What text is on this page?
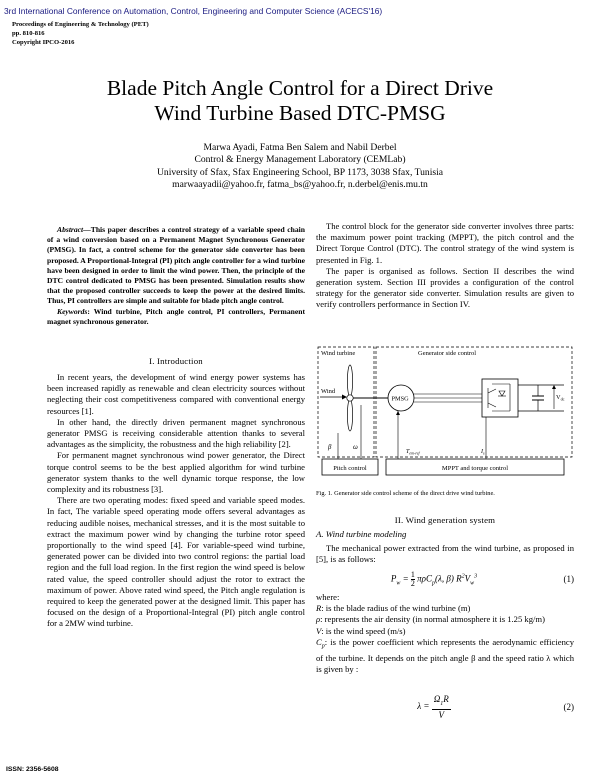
3rd International Conference on Automation, Control, Engineering and Computer Science (ACECS'16)
Proceedings of Engineering & Technology (PET)
pp. 810-816
Copyright IPCO-2016
Blade Pitch Angle Control for a Direct Drive
Wind Turbine Based DTC-PMSG
Marwa Ayadi, Fatma Ben Salem and Nabil Derbel
Control & Energy Management Laboratory (CEMLab)
University of Sfax, Sfax Engineering School, BP 1173, 3038 Sfax, Tunisia
marwaayadii@yahoo.fr, fatma_bs@yahoo.fr, n.derbel@enis.mu.tn

Abstract—This paper describes a control strategy of a variable speed chain of a wind conversion based on a Permanent Magnet Synchronous Generator (PMSG). In fact, a control scheme for the generator side converter has been proposed. A Proportional-Integral (PI) pitch angle controller for a wind turbine have been designed in order to limit the wind power. Then, the principle of the DTC control dedicated to PMSG has been presented. Simulation results show that the proposed controller succeeds to keep the power at the desired limits. Thus, PI controllers are simple and suitable for blade pitch angle control.

Keywords: Wind turbine, Pitch angle control, PI controllers, Permanent magnet synchronous generator.

I. Introduction

In recent years, the development of wind energy power systems has been increased rapidly as renewable and clean electricity sources without neglecting their cost competitiveness compared with conventional energy resources [1].

In other hand, the directly driven permanent magnet synchronous generator PMSG is receiving considerable attention thanks to several advantages as the simplicity, the robustness and the high reliability [2].

For permanent magnet synchronous wind power generator, the Direct torque control seems to be the best applied algorithm for wind turbine generator system thanks to the well dynamic torque response, the low complexity and its robustness [3].

There are two operating modes: fixed speed and variable speed modes. In fact, The variable speed operating mode offers several advantages as reducing audible noises, mechanical stresses, and it is the most suitable to extract the maximum power wind by changing the turbine rotor speed proportionally to the wind speed [4]. For variable-speed wind turbine, generated power can be divided into two control regions: the partial load region and the full load region. In the first region the wind speed is below rated value, the speed controller should adjust the rotor to extract the maximum of power. Above rated wind speed, the Pitch angle regulation is required to keep the generated power at the designed limit. This paper has focused on the design of a Proportional-Integral (PI) pitch angle control for a 2MW wind turbine.

The control block for the generator side converter involves three parts: the maximum power point tracking (MPPT), the pitch control and the Direct Torque Control (DTC). The control strategy of the wind system is presented in Fig. 1.

The paper is organised as follows. Section II describes the wind generation system. Section III provides a configuration of the control strategy for the generator side converter. Simulation results are given to verify controllers performance in Section IV.

Wind turbine	Generator side control
Wind
PMSG	$V_{dc}$
β	ω
$T_{em-ref}$	$I_s$
Pitch control	MPPT and torque control
Fig. 1. Generator side control scheme of the direct drive wind turbine.
II. Wind generation system
A. Wind turbine modeling

The mechanical power extracted from the wind turbine, as proposed in [5], is as follows:

$P_w = \frac{1}{2} \pi\rho C_p(\lambda$, β) $R^2V_w^3$	(1)
where:
R: is the blade radius of the wind turbine (m)
ρ: represents the air density (in normal atmosphere it is 1.25 kg/m)
V: is the wind speed (m/s)
$C_p$: is the power coefficient which represents the aerodynamic efficiency of the turbine. It depends on the pitch angle β and the speed ratio λ which is given by :
$\lambda = \frac{\Omega_1R}{V}$	(2)
ISSN: 2356-5608
